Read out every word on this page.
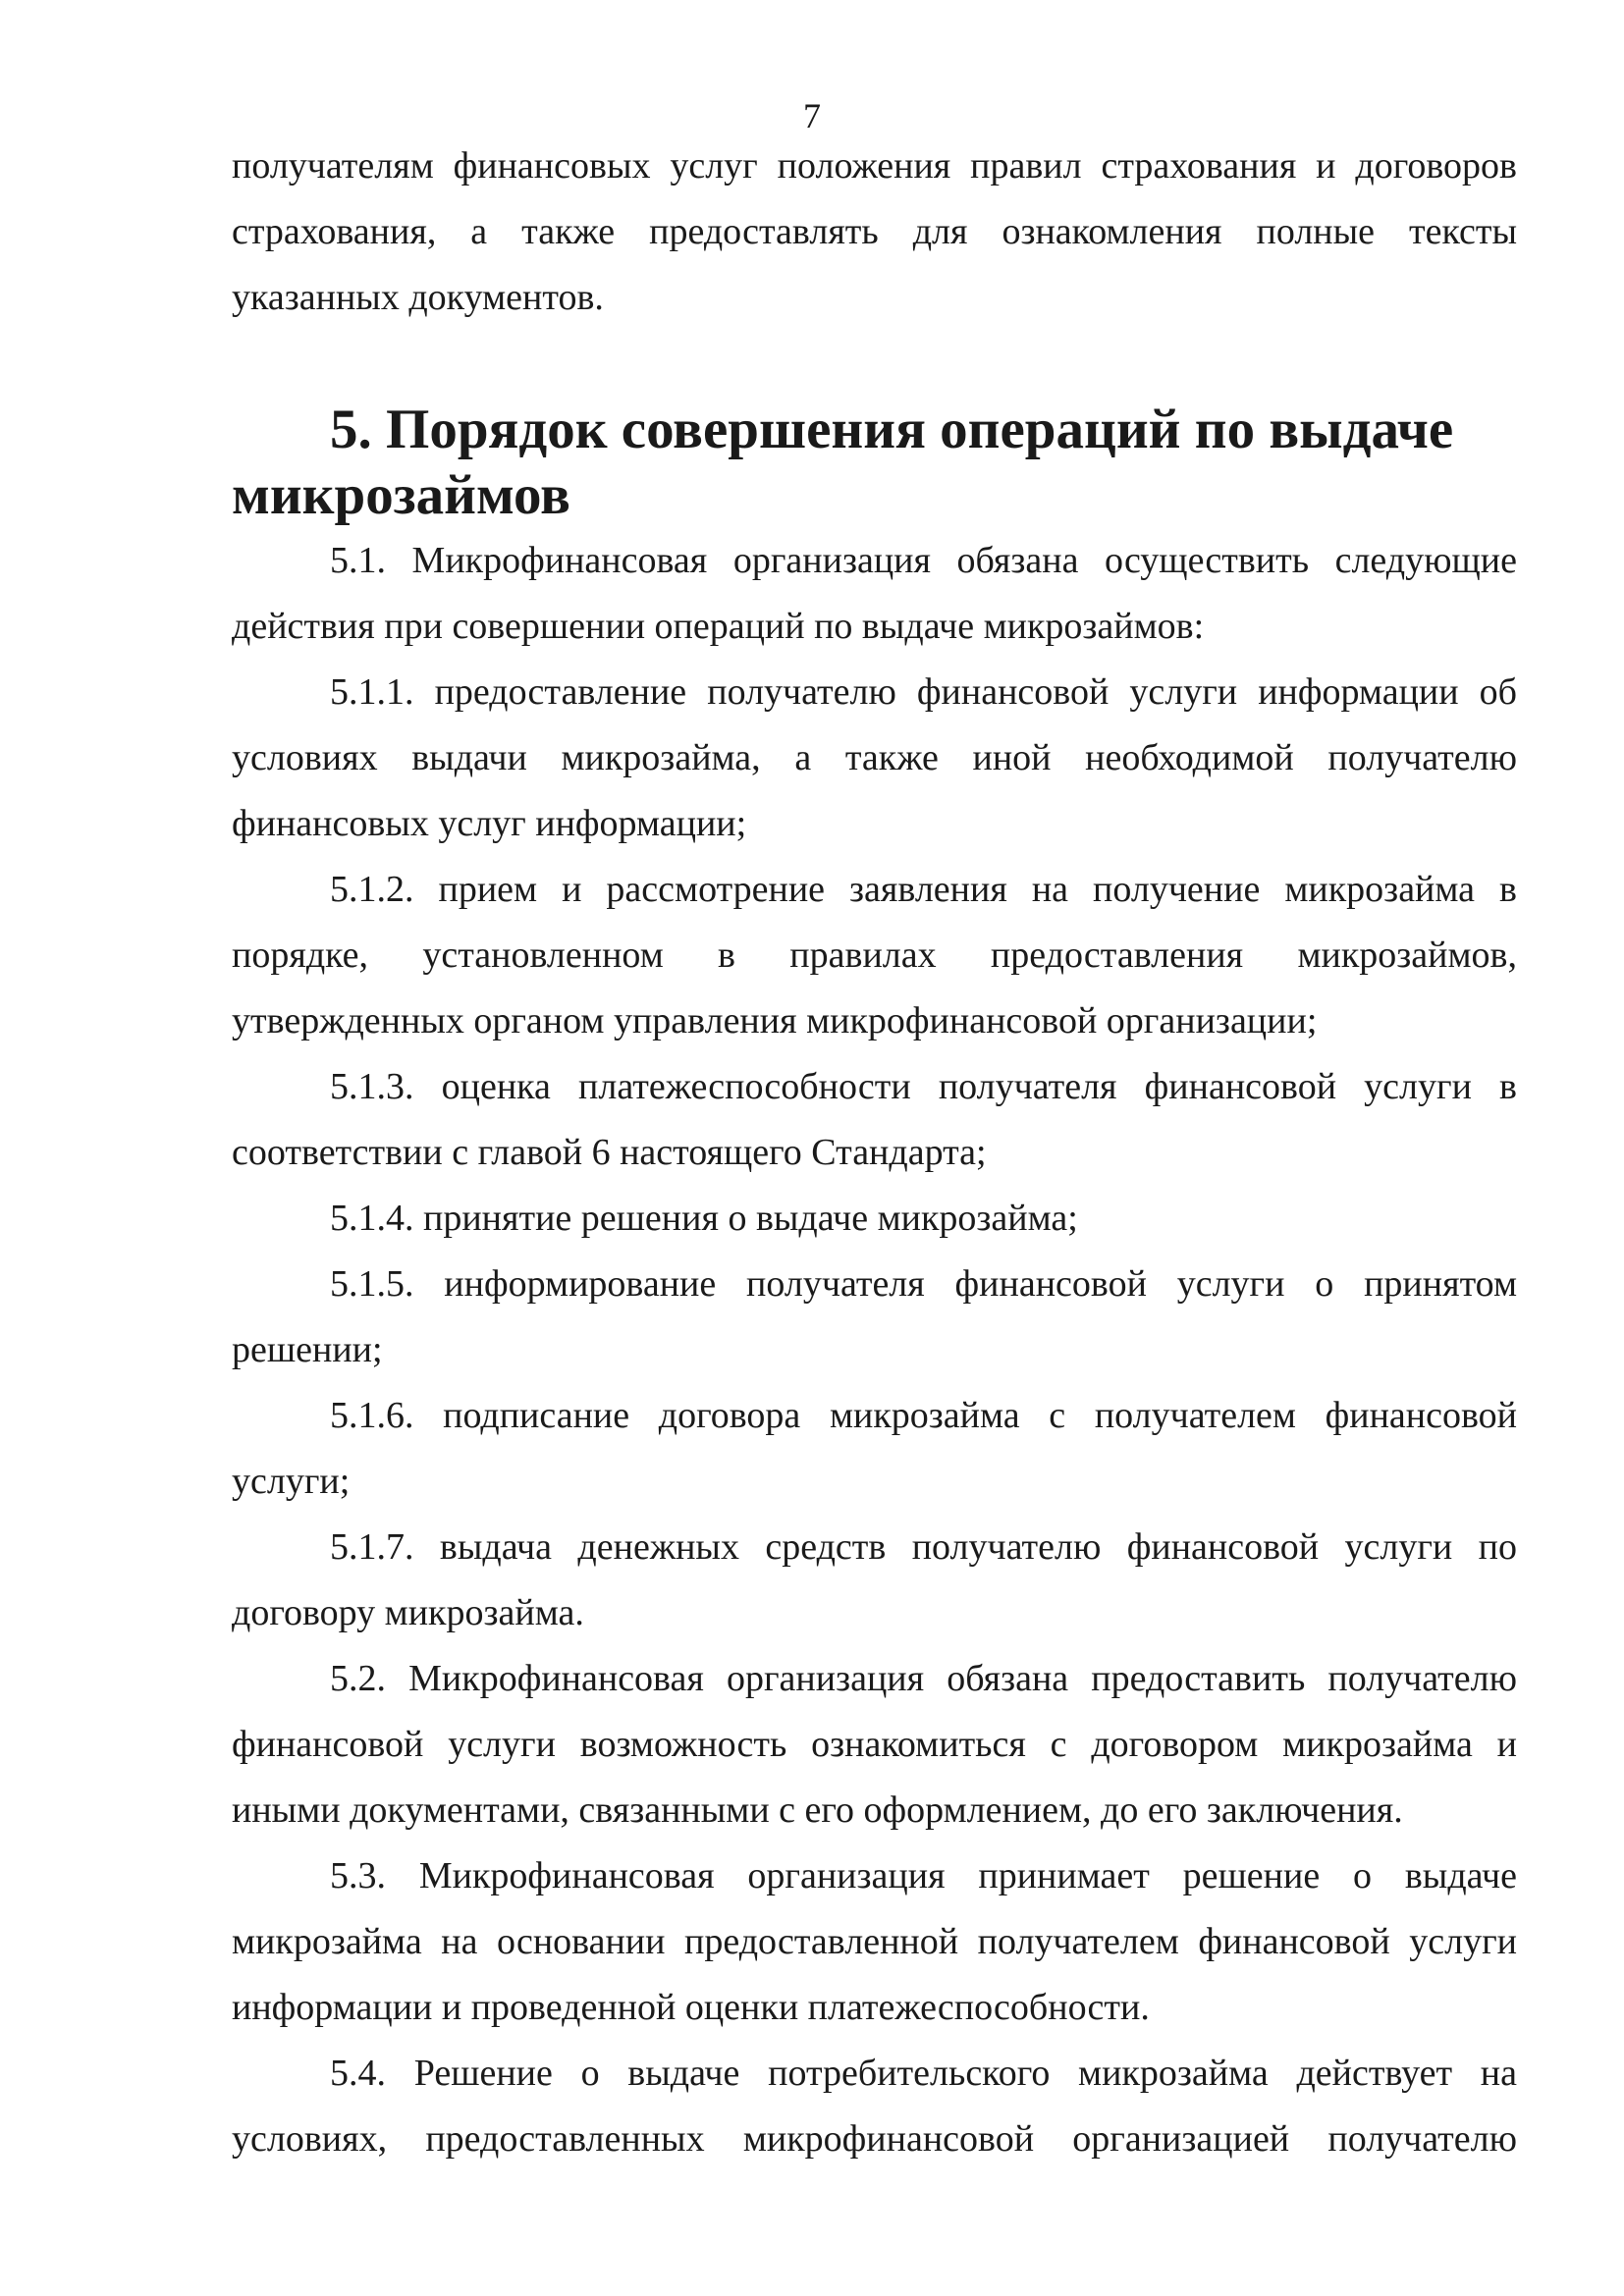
7

получателям финансовых услуг положения правил страхования и договоров страхования, а также предоставлять для ознакомления полные тексты указанных документов.

5. Порядок совершения операций по выдаче микрозаймов

5.1. Микрофинансовая организация обязана осуществить следующие действия при совершении операций по выдаче микрозаймов:

5.1.1. предоставление получателю финансовой услуги информации об условиях выдачи микрозайма, а также иной необходимой получателю финансовых услуг информации;

5.1.2. прием и рассмотрение заявления на получение микрозайма в порядке, установленном в правилах предоставления микрозаймов, утвержденных органом управления микрофинансовой организации;

5.1.3. оценка платежеспособности получателя финансовой услуги в соответствии с главой 6 настоящего Стандарта;

5.1.4. принятие решения о выдаче микрозайма;

5.1.5. информирование получателя финансовой услуги о принятом решении;

5.1.6. подписание договора микрозайма с получателем финансовой услуги;

5.1.7. выдача денежных средств получателю финансовой услуги по договору микрозайма.

5.2. Микрофинансовая организация обязана предоставить получателю финансовой услуги возможность ознакомиться с договором микрозайма и иными документами, связанными с его оформлением, до его заключения.

5.3. Микрофинансовая организация принимает решение о выдаче микрозайма на основании предоставленной получателем финансовой услуги информации и проведенной оценки платежеспособности.

5.4. Решение о выдаче потребительского микрозайма действует на условиях, предоставленных микрофинансовой организацией получателю
